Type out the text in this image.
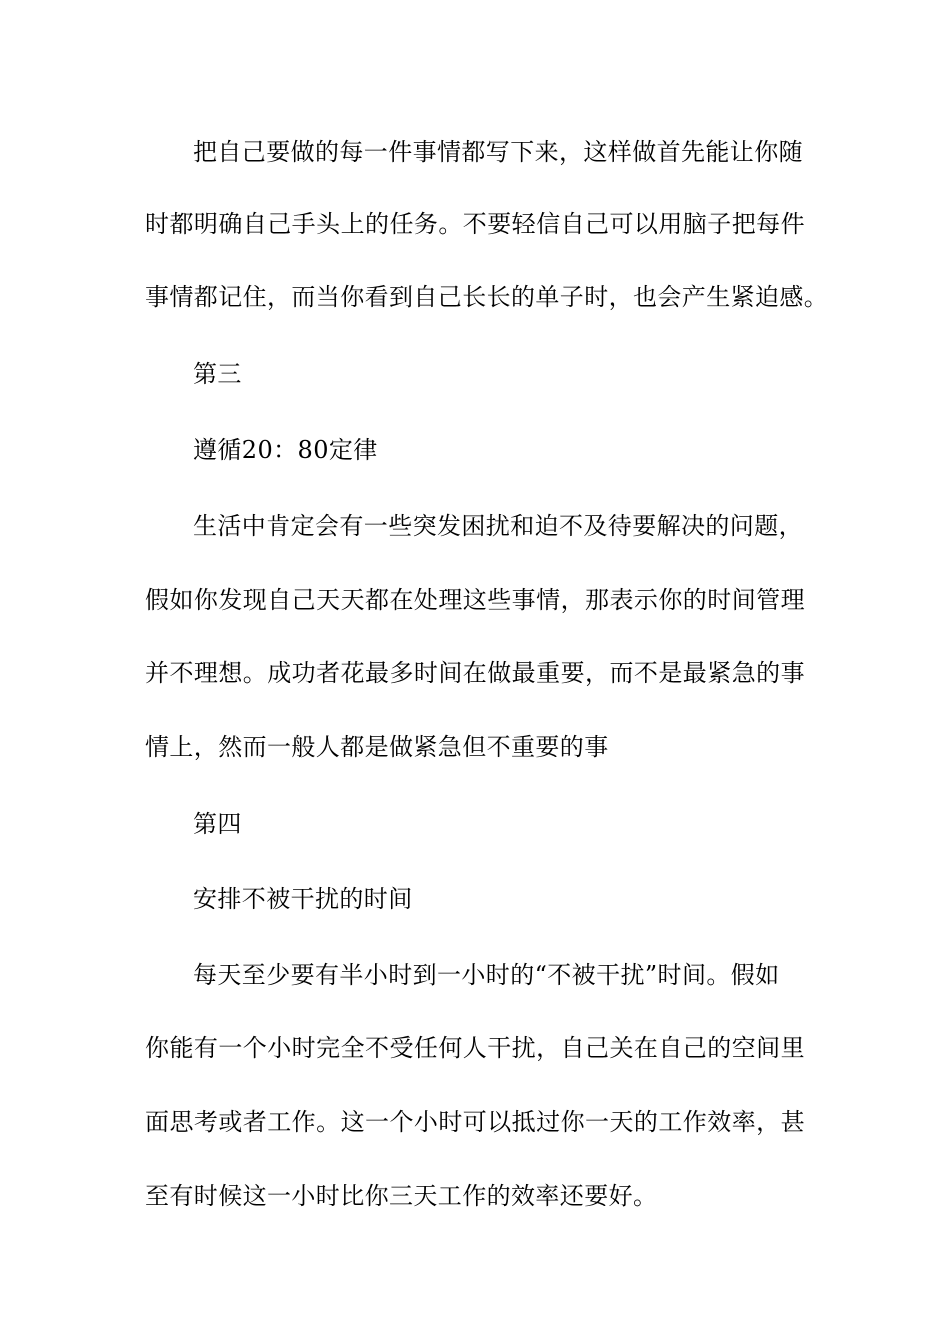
把自己要做的每一件事情都写下来，这样做首先能让你随
时都明确自己手头上的任务。不要轻信自己可以用脑子把每件
事情都记住，而当你看到自己长长的单子时，也会产生紧迫感。
第三
遵循20：80定律
生活中肯定会有一些突发困扰和迫不及待要解决的问题，
假如你发现自己天天都在处理这些事情，那表示你的时间管理
并不理想。成功者花最多时间在做最重要，而不是最紧急的事
情上，然而一般人都是做紧急但不重要的事
第四
安排不被干扰的时间
每天至少要有半小时到一小时的“不被干扰”时间。假如
你能有一个小时完全不受任何人干扰，自己关在自己的空间里
面思考或者工作。这一个小时可以抵过你一天的工作效率，甚
至有时候这一小时比你三天工作的效率还要好。
